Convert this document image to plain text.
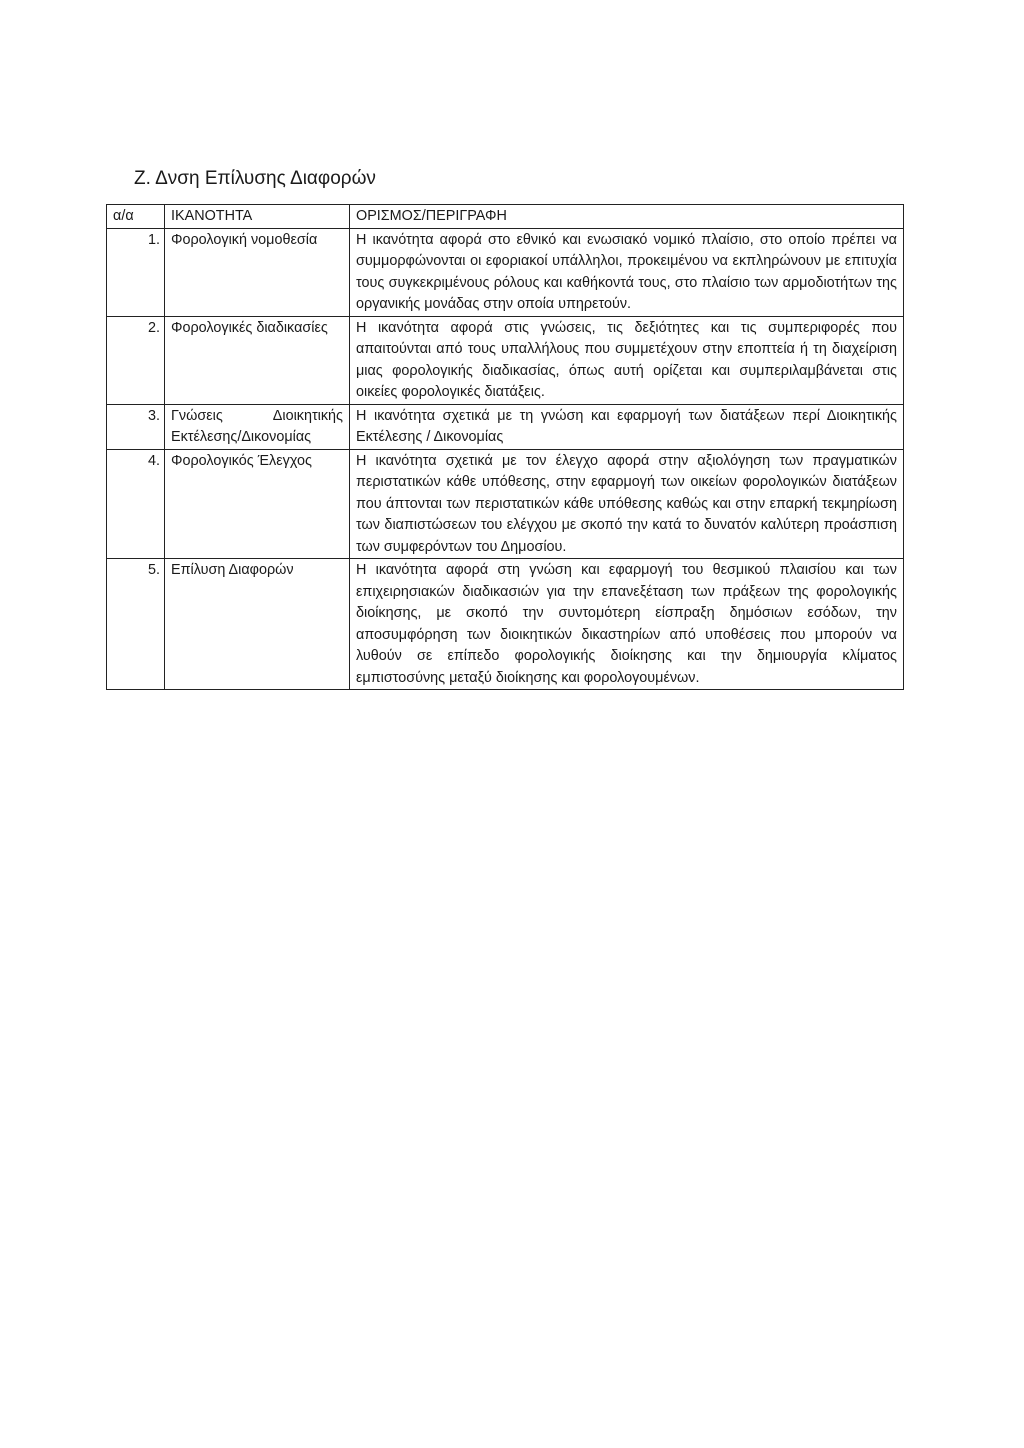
Ζ. Δνση Επίλυσης Διαφορών
α/α	ΙΚΑΝΟΤΗΤΑ	ΟΡΙΣΜΟΣ/ΠΕΡΙΓΡΑΦΗ
1.	Φορολογική νομοθεσία	Η ικανότητα αφορά στο εθνικό και ενωσιακό νομικό πλαίσιο, στο οποίο πρέπει να συμμορφώνονται οι εφοριακοί υπάλληλοι, προκειμένου να εκπληρώνουν με επιτυχία τους συγκεκριμένους ρόλους και καθήκοντά τους, στο πλαίσιο των αρμοδιοτήτων της οργανικής μονάδας στην οποία υπηρετούν.
2.	Φορολογικές διαδικασίες	Η ικανότητα αφορά στις γνώσεις, τις δεξιότητες και τις συμπεριφορές που απαιτούνται από τους υπαλλήλους που συμμετέχουν στην εποπτεία ή τη διαχείριση μιας φορολογικής διαδικασίας, όπως αυτή ορίζεται και συμπεριλαμβάνεται στις οικείες φορολογικές διατάξεις.
3.	Γνώσεις Διοικητικής Εκτέλεσης/Δικονομίας	Η ικανότητα σχετικά με τη γνώση και εφαρμογή των διατάξεων περί Διοικητικής Εκτέλεσης / Δικονομίας
4.	Φορολογικός Έλεγχος	Η ικανότητα σχετικά με τον έλεγχο αφορά στην αξιολόγηση των πραγματικών περιστατικών κάθε υπόθεσης, στην εφαρμογή των οικείων φορολογικών διατάξεων που άπτονται των περιστατικών κάθε υπόθεσης καθώς και στην επαρκή τεκμηρίωση των διαπιστώσεων του ελέγχου με σκοπό την κατά το δυνατόν καλύτερη προάσπιση των συμφερόντων του Δημοσίου.
5.	Επίλυση Διαφορών	Η ικανότητα αφορά στη γνώση και εφαρμογή του θεσμικού πλαισίου και των επιχειρησιακών διαδικασιών για την επανεξέταση των πράξεων της φορολογικής διοίκησης, με σκοπό την συντομότερη είσπραξη δημόσιων εσόδων, την αποσυμφόρηση των διοικητικών δικαστηρίων από υποθέσεις που μπορούν να λυθούν σε επίπεδο φορολογικής διοίκησης και την δημιουργία κλίματος εμπιστοσύνης μεταξύ διοίκησης και φορολογουμένων.
